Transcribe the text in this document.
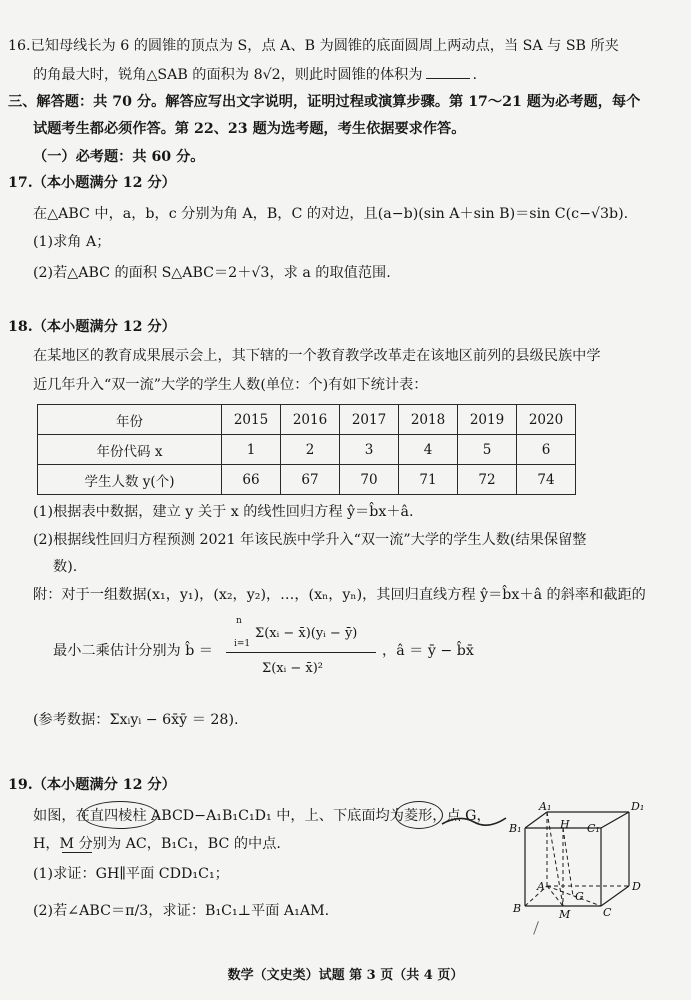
16.已知母线长为 6 的圆锥的顶点为 S，点 A、B 为圆锥的底面圆周上两动点，当 SA 与 SB 所夹
的角最大时，锐角△SAB 的面积为 8√2，则此时圆锥的体积为	.
三、解答题：共 70 分。解答应写出文字说明，证明过程或演算步骤。第 17～21 题为必考题，每个
试题考生都必须作答。第 22、23 题为选考题，考生依据要求作答。
（一）必考题：共 60 分。
17.（本小题满分 12 分）
在△ABC 中，a，b，c 分别为角 A，B，C 的对边，且(a−b)(sin A＋sin B)＝sin C(c−√3b).
(1)求角 A；
(2)若△ABC 的面积 S△ABC＝2＋√3，求 a 的取值范围.
18.（本小题满分 12 分）
在某地区的教育成果展示会上，其下辖的一个教育教学改革走在该地区前列的县级民族中学
近几年升入“双一流”大学的学生人数(单位：个)有如下统计表：
年份	2015	2016	2017	2018	2019	2020
年份代码 x	1	2	3	4	5	6
学生人数 y(个)	66	67	70	71	72	74
(1)根据表中数据，建立 y 关于 x 的线性回归方程 ŷ＝b̂x＋â.
(2)根据线性回归方程预测 2021 年该民族中学升入“双一流”大学的学生人数(结果保留整
数).
附：对于一组数据(x₁，y₁)，(x₂，y₂)，…，(xₙ，yₙ)，其回归直线方程 ŷ＝b̂x＋â 的斜率和截距的
最小二乘估计分别为 b̂ ＝
n
Σ(xᵢ − x̄)(yᵢ − ȳ)
i=1
Σ(xᵢ − x̄)²
，â ＝ ȳ − b̂x̄
(参考数据：Σxᵢyᵢ − 6x̄ȳ ＝ 28).
19.（本小题满分 12 分）
如图，在直四棱柱 ABCD−A₁B₁C₁D₁ 中，上、下底面均为菱形，点 G，
H，M 分别为 AC，B₁C₁，BC 的中点.
(1)求证：GH∥平面 CDD₁C₁；
(2)若∠ABC＝π/3，求证：B₁C₁⊥平面 A₁AM.
A₁
B₁	C₁
D₁
H
A
G
D
B	M	C
数学（文史类）试题 第 3 页（共 4 页）
